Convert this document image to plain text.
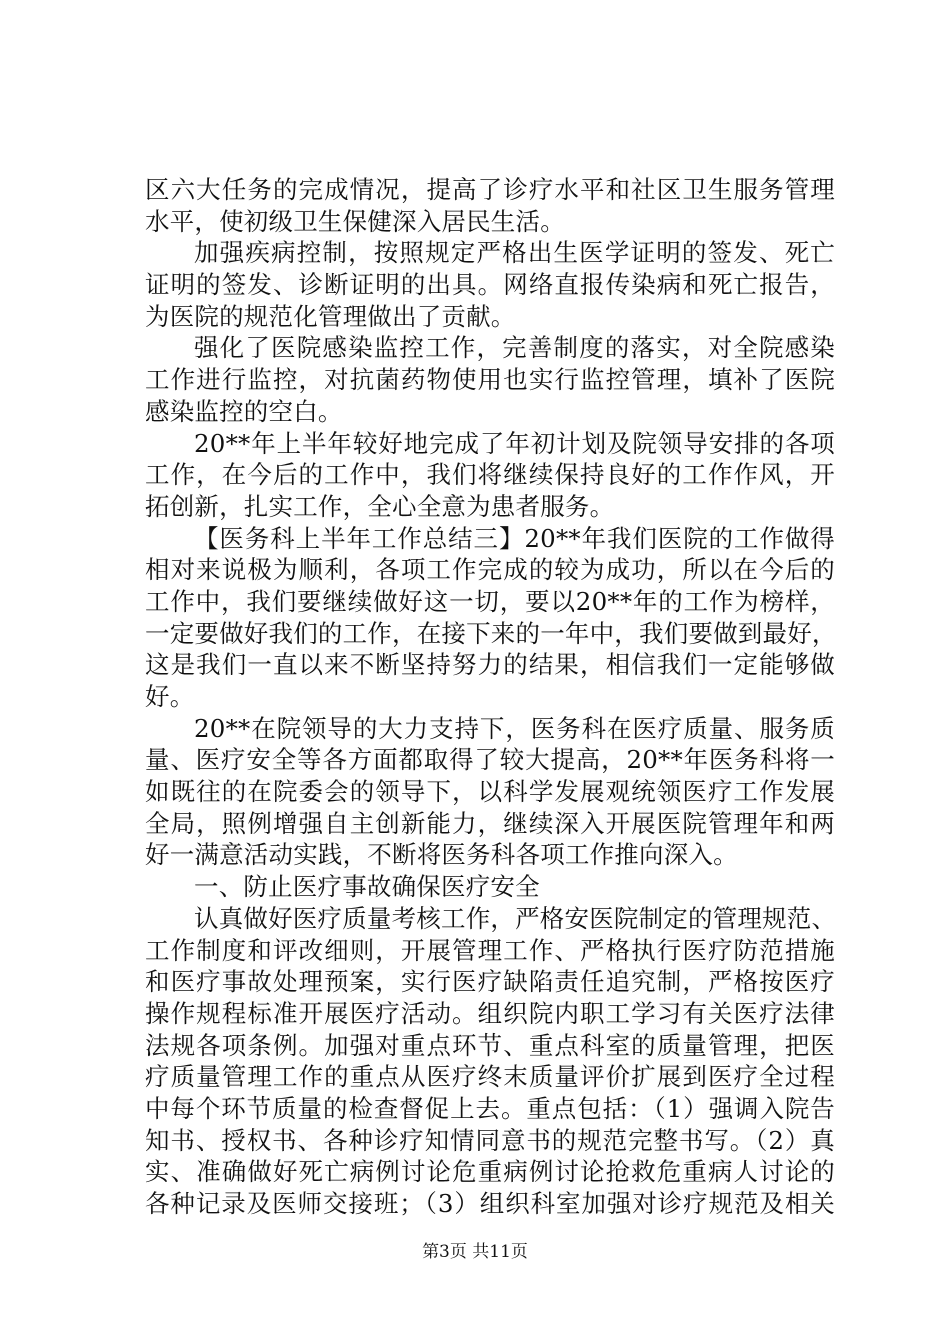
区六大任务的完成情况，提高了诊疗水平和社区卫生服务管理
水平，使初级卫生保健深入居民生活。
加强疾病控制，按照规定严格出生医学证明的签发、死亡
证明的签发、诊断证明的出具。网络直报传染病和死亡报告，
为医院的规范化管理做出了贡献。
强化了医院感染监控工作，完善制度的落实，对全院感染
工作进行监控，对抗菌药物使用也实行监控管理，填补了医院
感染监控的空白。
20**年上半年较好地完成了年初计划及院领导安排的各项
工作，在今后的工作中，我们将继续保持良好的工作作风，开
拓创新，扎实工作，全心全意为患者服务。
【医务科上半年工作总结三】20**年我们医院的工作做得
相对来说极为顺利，各项工作完成的较为成功，所以在今后的
工作中，我们要继续做好这一切，要以20**年的工作为榜样，
一定要做好我们的工作，在接下来的一年中，我们要做到最好，
这是我们一直以来不断坚持努力的结果，相信我们一定能够做
好。
20**在院领导的大力支持下，医务科在医疗质量、服务质
量、医疗安全等各方面都取得了较大提高，20**年医务科将一
如既往的在院委会的领导下，以科学发展观统领医疗工作发展
全局，照例增强自主创新能力，继续深入开展医院管理年和两
好一满意活动实践，不断将医务科各项工作推向深入。
一、防止医疗事故确保医疗安全
认真做好医疗质量考核工作，严格安医院制定的管理规范、
工作制度和评改细则，开展管理工作、严格执行医疗防范措施
和医疗事故处理预案，实行医疗缺陷责任追究制，严格按医疗
操作规程标准开展医疗活动。组织院内职工学习有关医疗法律
法规各项条例。加强对重点环节、重点科室的质量管理，把医
疗质量管理工作的重点从医疗终末质量评价扩展到医疗全过程
中每个环节质量的检查督促上去。重点包括：（1）强调入院告
知书、授权书、各种诊疗知情同意书的规范完整书写。（2）真
实、准确做好死亡病例讨论危重病例讨论抢救危重病人讨论的
各种记录及医师交接班；（3）组织科室加强对诊疗规范及相关
第3页 共11页
